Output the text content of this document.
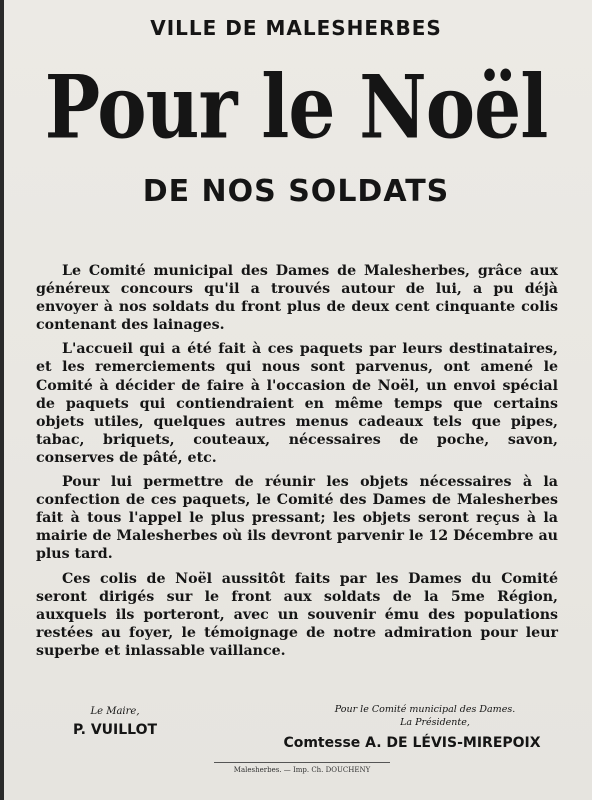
VILLE DE MALESHERBES
Pour le Noël
DE NOS SOLDATS

Le Comité municipal des Dames de Malesherbes, grâce aux généreux concours qu'il a trouvés autour de lui, a pu déjà envoyer à nos soldats du front plus de deux cent cinquante colis contenant des lainages.

L'accueil qui a été fait à ces paquets par leurs destinataires, et les remerciements qui nous sont parvenus, ont amené le Comité à décider de faire à l'occasion de Noël, un envoi spécial de paquets qui contiendraient en même temps que certains objets utiles, quelques autres menus cadeaux tels que pipes, tabac, briquets, couteaux, nécessaires de poche, savon, conserves de pâté, etc.

Pour lui permettre de réunir les objets nécessaires à la confection de ces paquets, le Comité des Dames de Malesherbes fait à tous l'appel le plus pressant; les objets seront reçus à la mairie de Malesherbes où ils devront parvenir le 12 Décembre au plus tard.

Ces colis de Noël aussitôt faits par les Dames du Comité seront dirigés sur le front aux soldats de la 5me Région, auxquels ils porteront, avec un souvenir ému des populations restées au foyer, le témoignage de notre admiration pour leur superbe et inlassable vaillance.

Le Maire,
P. VUILLOT
Pour le Comité municipal des Dames.
La Présidente,
Comtesse A. DE LÉVIS-MIREPOIX
Malesherbes. — Imp. Ch. DOUCHENY
